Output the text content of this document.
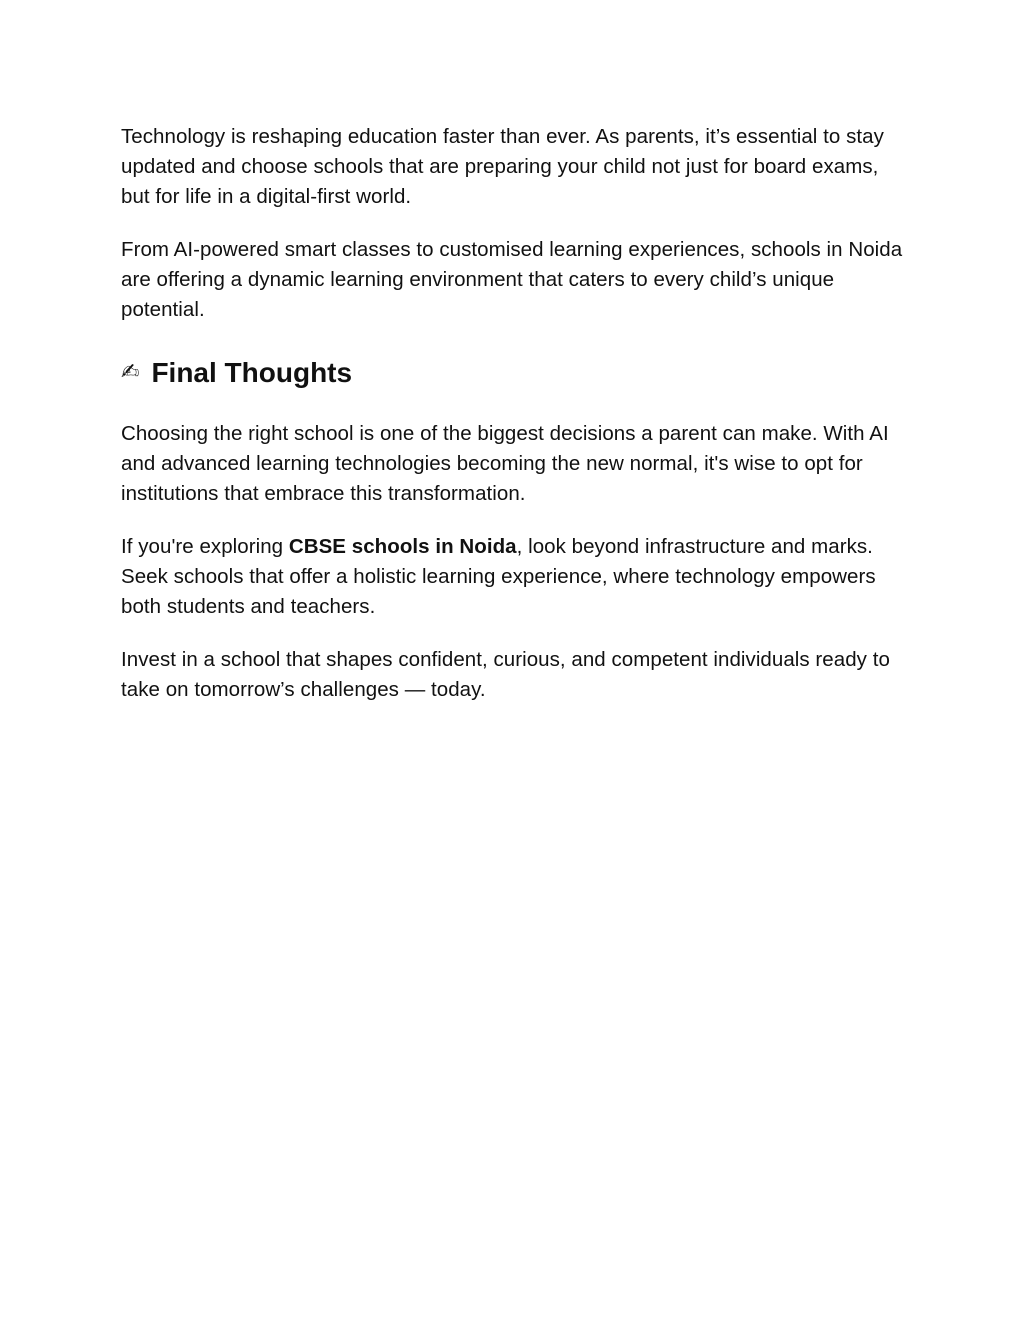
Technology is reshaping education faster than ever. As parents, it’s essential to stay updated and choose schools that are preparing your child not just for board exams, but for life in a digital-first world.

From AI-powered smart classes to customised learning experiences, schools in Noida are offering a dynamic learning environment that caters to every child’s unique potential.

✍ Final Thoughts

Choosing the right school is one of the biggest decisions a parent can make. With AI and advanced learning technologies becoming the new normal, it's wise to opt for institutions that embrace this transformation.

If you're exploring CBSE schools in Noida, look beyond infrastructure and marks. Seek schools that offer a holistic learning experience, where technology empowers both students and teachers.

Invest in a school that shapes confident, curious, and competent individuals ready to take on tomorrow’s challenges — today.
